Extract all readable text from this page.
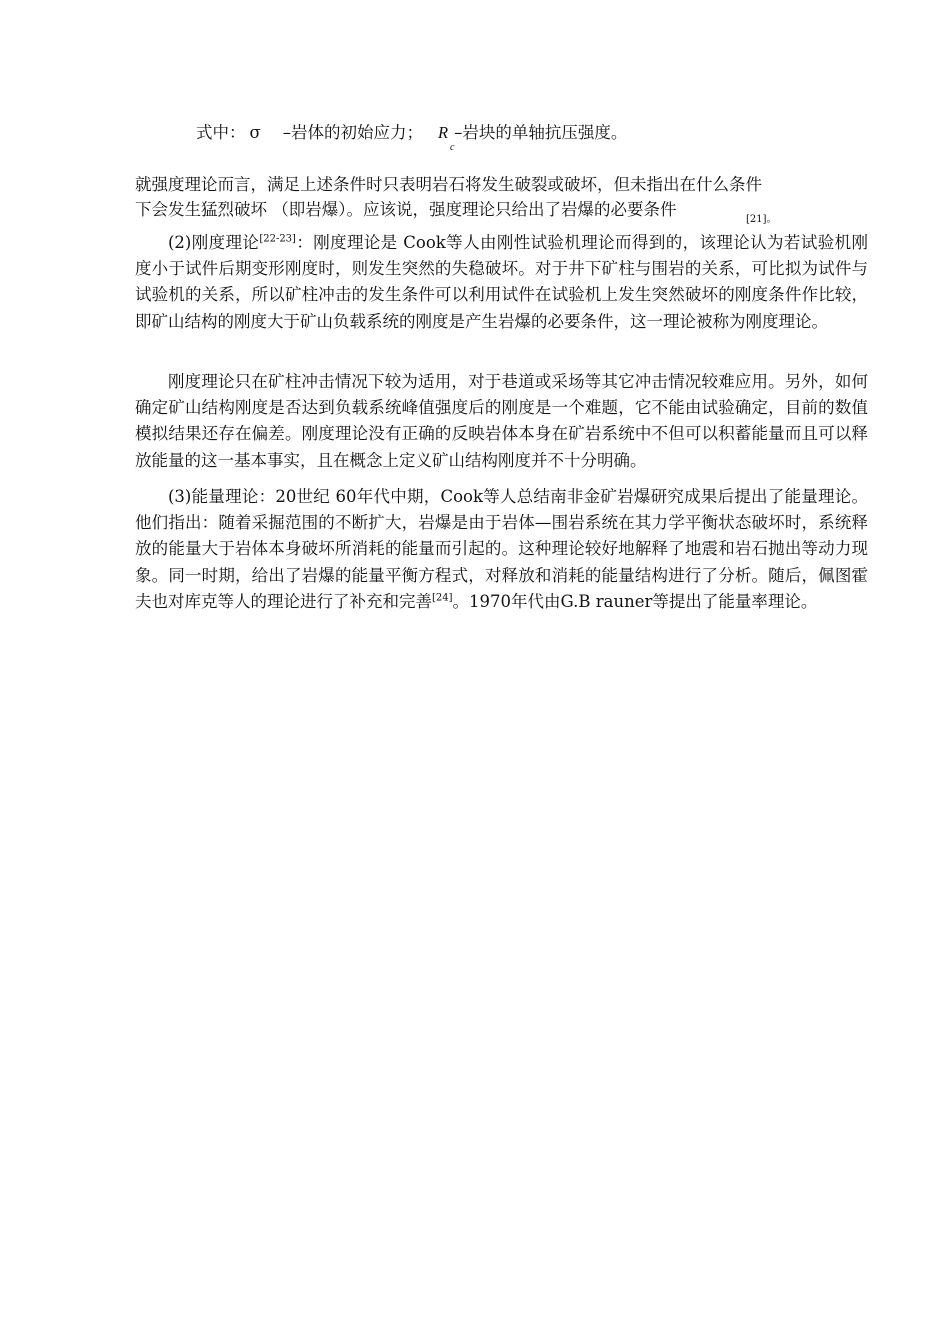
式中： σ –岩体的初始应力； R –岩块的单轴抗压强度。
c
就强度理论而言，满足上述条件时只表明岩石将发生破裂或破坏，但未指出在什么条件
下会发生猛烈破坏 （即岩爆）。应该说，强度理论只给出了岩爆的必要条件
[21]。
(2)刚度理论[22-23]：刚度理论是 Cook等人由刚性试验机理论而得到的，该理论认为若试验机刚度小于试件后期变形刚度时，则发生突然的失稳破坏。对于井下矿柱与围岩的关系，可比拟为试件与试验机的关系，所以矿柱冲击的发生条件可以利用试件在试验机上发生突然破坏的刚度条件作比较，即矿山结构的刚度大于矿山负载系统的刚度是产生岩爆的必要条件，这一理论被称为刚度理论。
刚度理论只在矿柱冲击情况下较为适用，对于巷道或采场等其它冲击情况较难应用。另外，如何确定矿山结构刚度是否达到负载系统峰值强度后的刚度是一个难题，它不能由试验确定，目前的数值模拟结果还存在偏差。刚度理论没有正确的反映岩体本身在矿岩系统中不但可以积蓄能量而且可以释放能量的这一基本事实，且在概念上定义矿山结构刚度并不十分明确。
(3)能量理论：20世纪 60年代中期，Cook等人总结南非金矿岩爆研究成果后提出了能量理论。他们指出：随着采掘范围的不断扩大，岩爆是由于岩体—围岩系统在其力学平衡状态破坏时，系统释放的能量大于岩体本身破坏所消耗的能量而引起的。这种理论较好地解释了地震和岩石抛出等动力现象。同一时期，给出了岩爆的能量平衡方程式，对释放和消耗的能量结构进行了分析。随后，佩图霍夫也对库克等人的理论进行了补充和完善[24]。1970年代由G.B rauner等提出了能量率理论。
